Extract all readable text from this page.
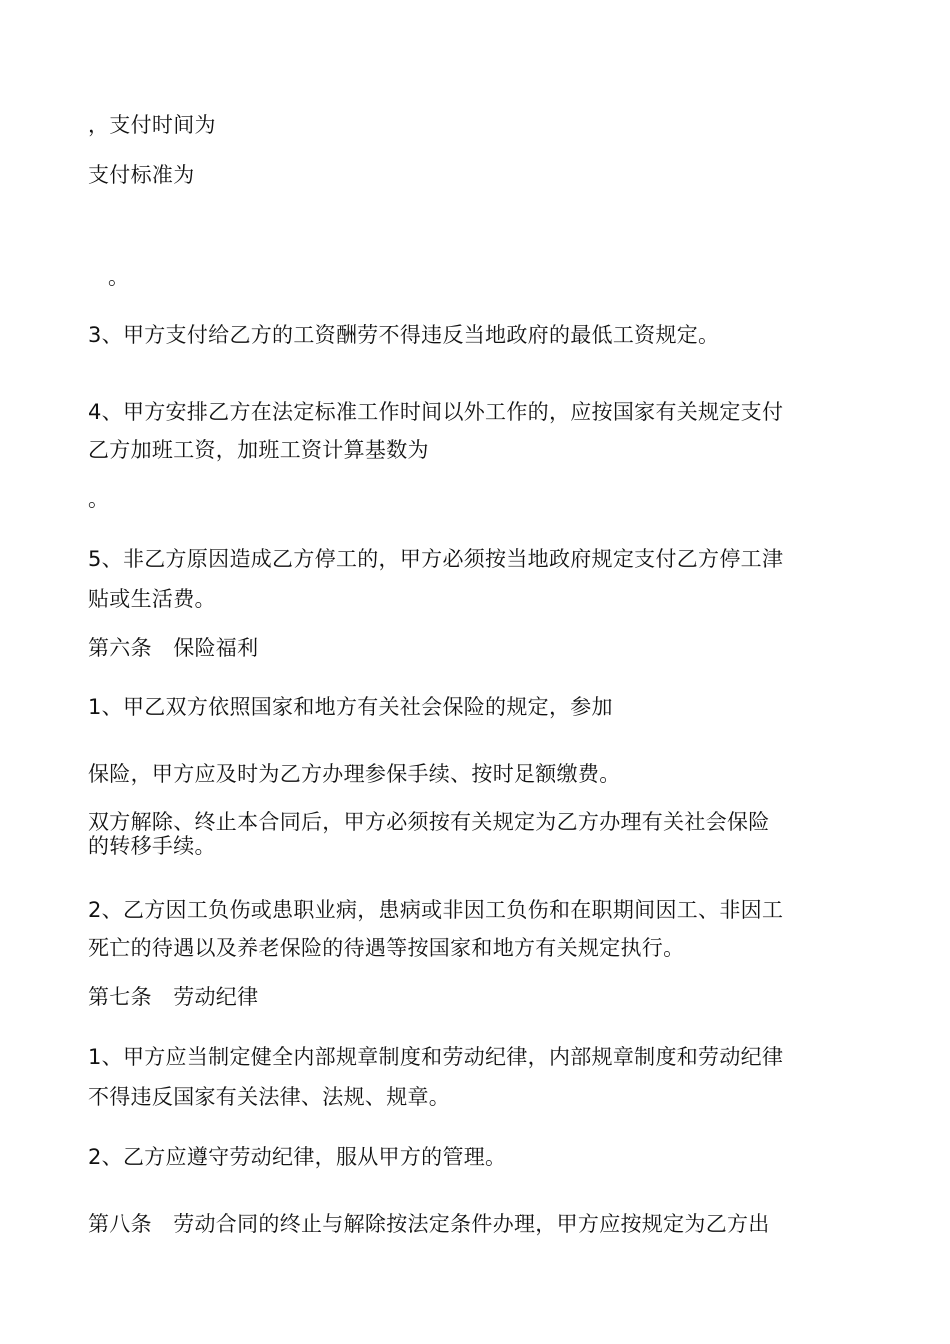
，支付时间为
支付标准为
。
3、甲方支付给乙方的工资酬劳不得违反当地政府的最低工资规定。
4、甲方安排乙方在法定标准工作时间以外工作的，应按国家有关规定支付
乙方加班工资，加班工资计算基数为
。
5、非乙方原因造成乙方停工的，甲方必须按当地政府规定支付乙方停工津
贴或生活费。
第六条　保险福利
1、甲乙双方依照国家和地方有关社会保险的规定，参加
保险，甲方应及时为乙方办理参保手续、按时足额缴费。
双方解除、终止本合同后，甲方必须按有关规定为乙方办理有关社会保险
的转移手续。
2、乙方因工负伤或患职业病，患病或非因工负伤和在职期间因工、非因工
死亡的待遇以及养老保险的待遇等按国家和地方有关规定执行。
第七条　劳动纪律
1、甲方应当制定健全内部规章制度和劳动纪律，内部规章制度和劳动纪律
不得违反国家有关法律、法规、规章。
2、乙方应遵守劳动纪律，服从甲方的管理。
第八条　劳动合同的终止与解除按法定条件办理，甲方应按规定为乙方出
